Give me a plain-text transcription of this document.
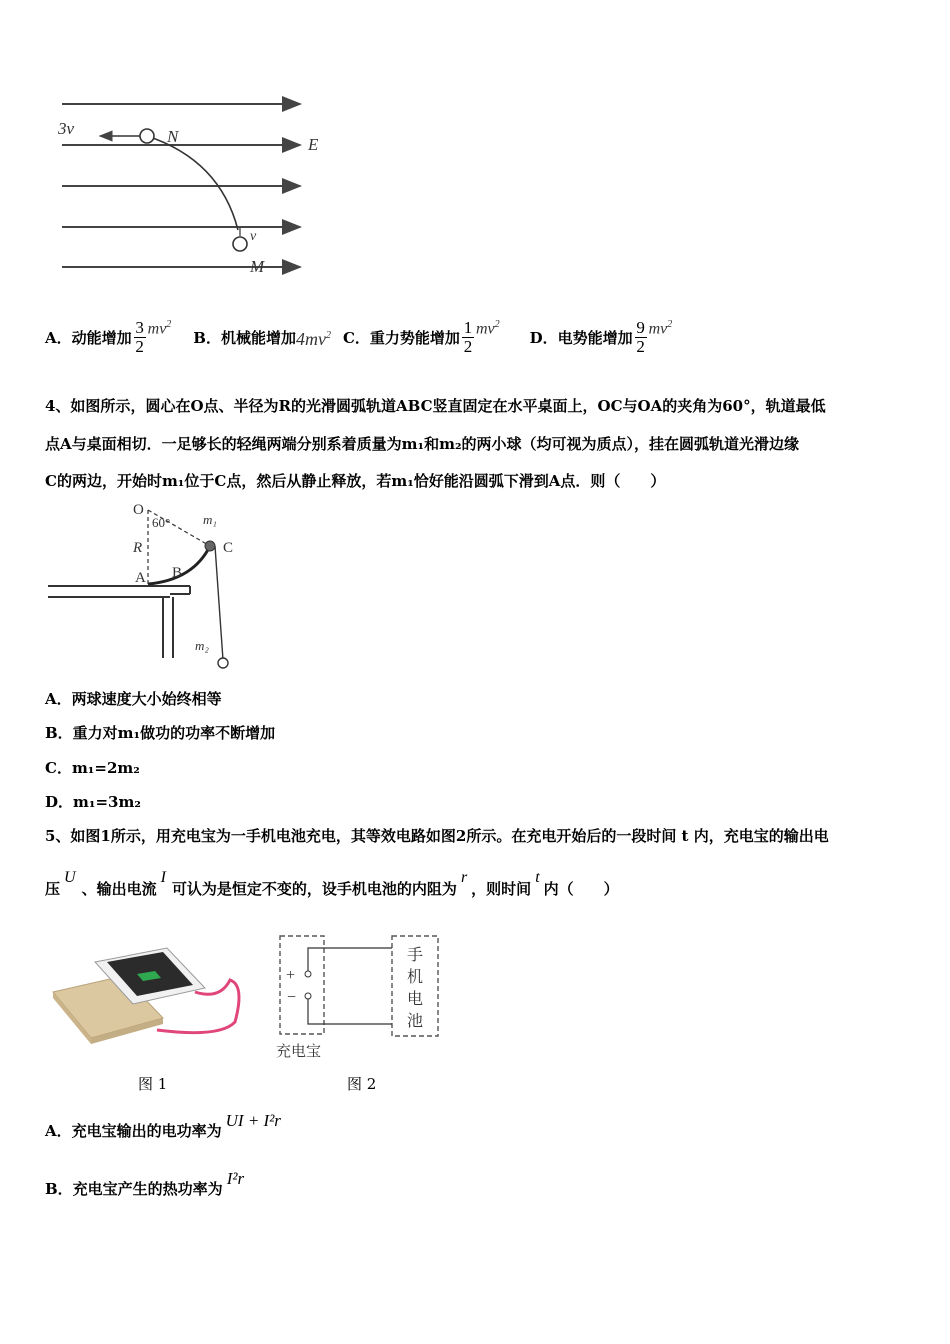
3v	N	E
v
M
A．动能增加 $\frac{3}{2} mv^2$
B．机械能增加 $4mv^2$ C．重力势能增加 $\frac{1}{2} mv^2$
D．电势能增加 $\frac{9}{2} mv^2$
4、如图所示，圆心在O点、半径为R的光滑圆弧轨道ABC竖直固定在水平桌面上，OC与OA的夹角为60°，轨道最低
点A与桌面相切．一足够长的轻绳两端分别系着质量为m₁和m₂的两小球（均可视为质点），挂在圆弧轨道光滑边缘
C的两边，开始时m₁位于C点，然后从静止释放，若m₁恰好能沿圆弧下滑到A点．则（　　）
O
60°	m₁
C
R
A B
m₂
A．两球速度大小始终相等
B．重力对m₁做功的功率不断增加
C．m₁=2m₂
D．m₁=3m₂
5、如图1所示，用充电宝为一手机电池充电，其等效电路如图2所示。在充电开始后的一段时间 t 内，充电宝的输出电
压
U
、输出电流
I
可认为是恒定不变的，设手机电池的内阻为
r
，则时间
t
内（　　）
图 1
+
−
手
机
电
池
充电宝
图 2
A．充电宝输出的电功率为
UI + I²r
B．充电宝产生的热功率为
I²r
